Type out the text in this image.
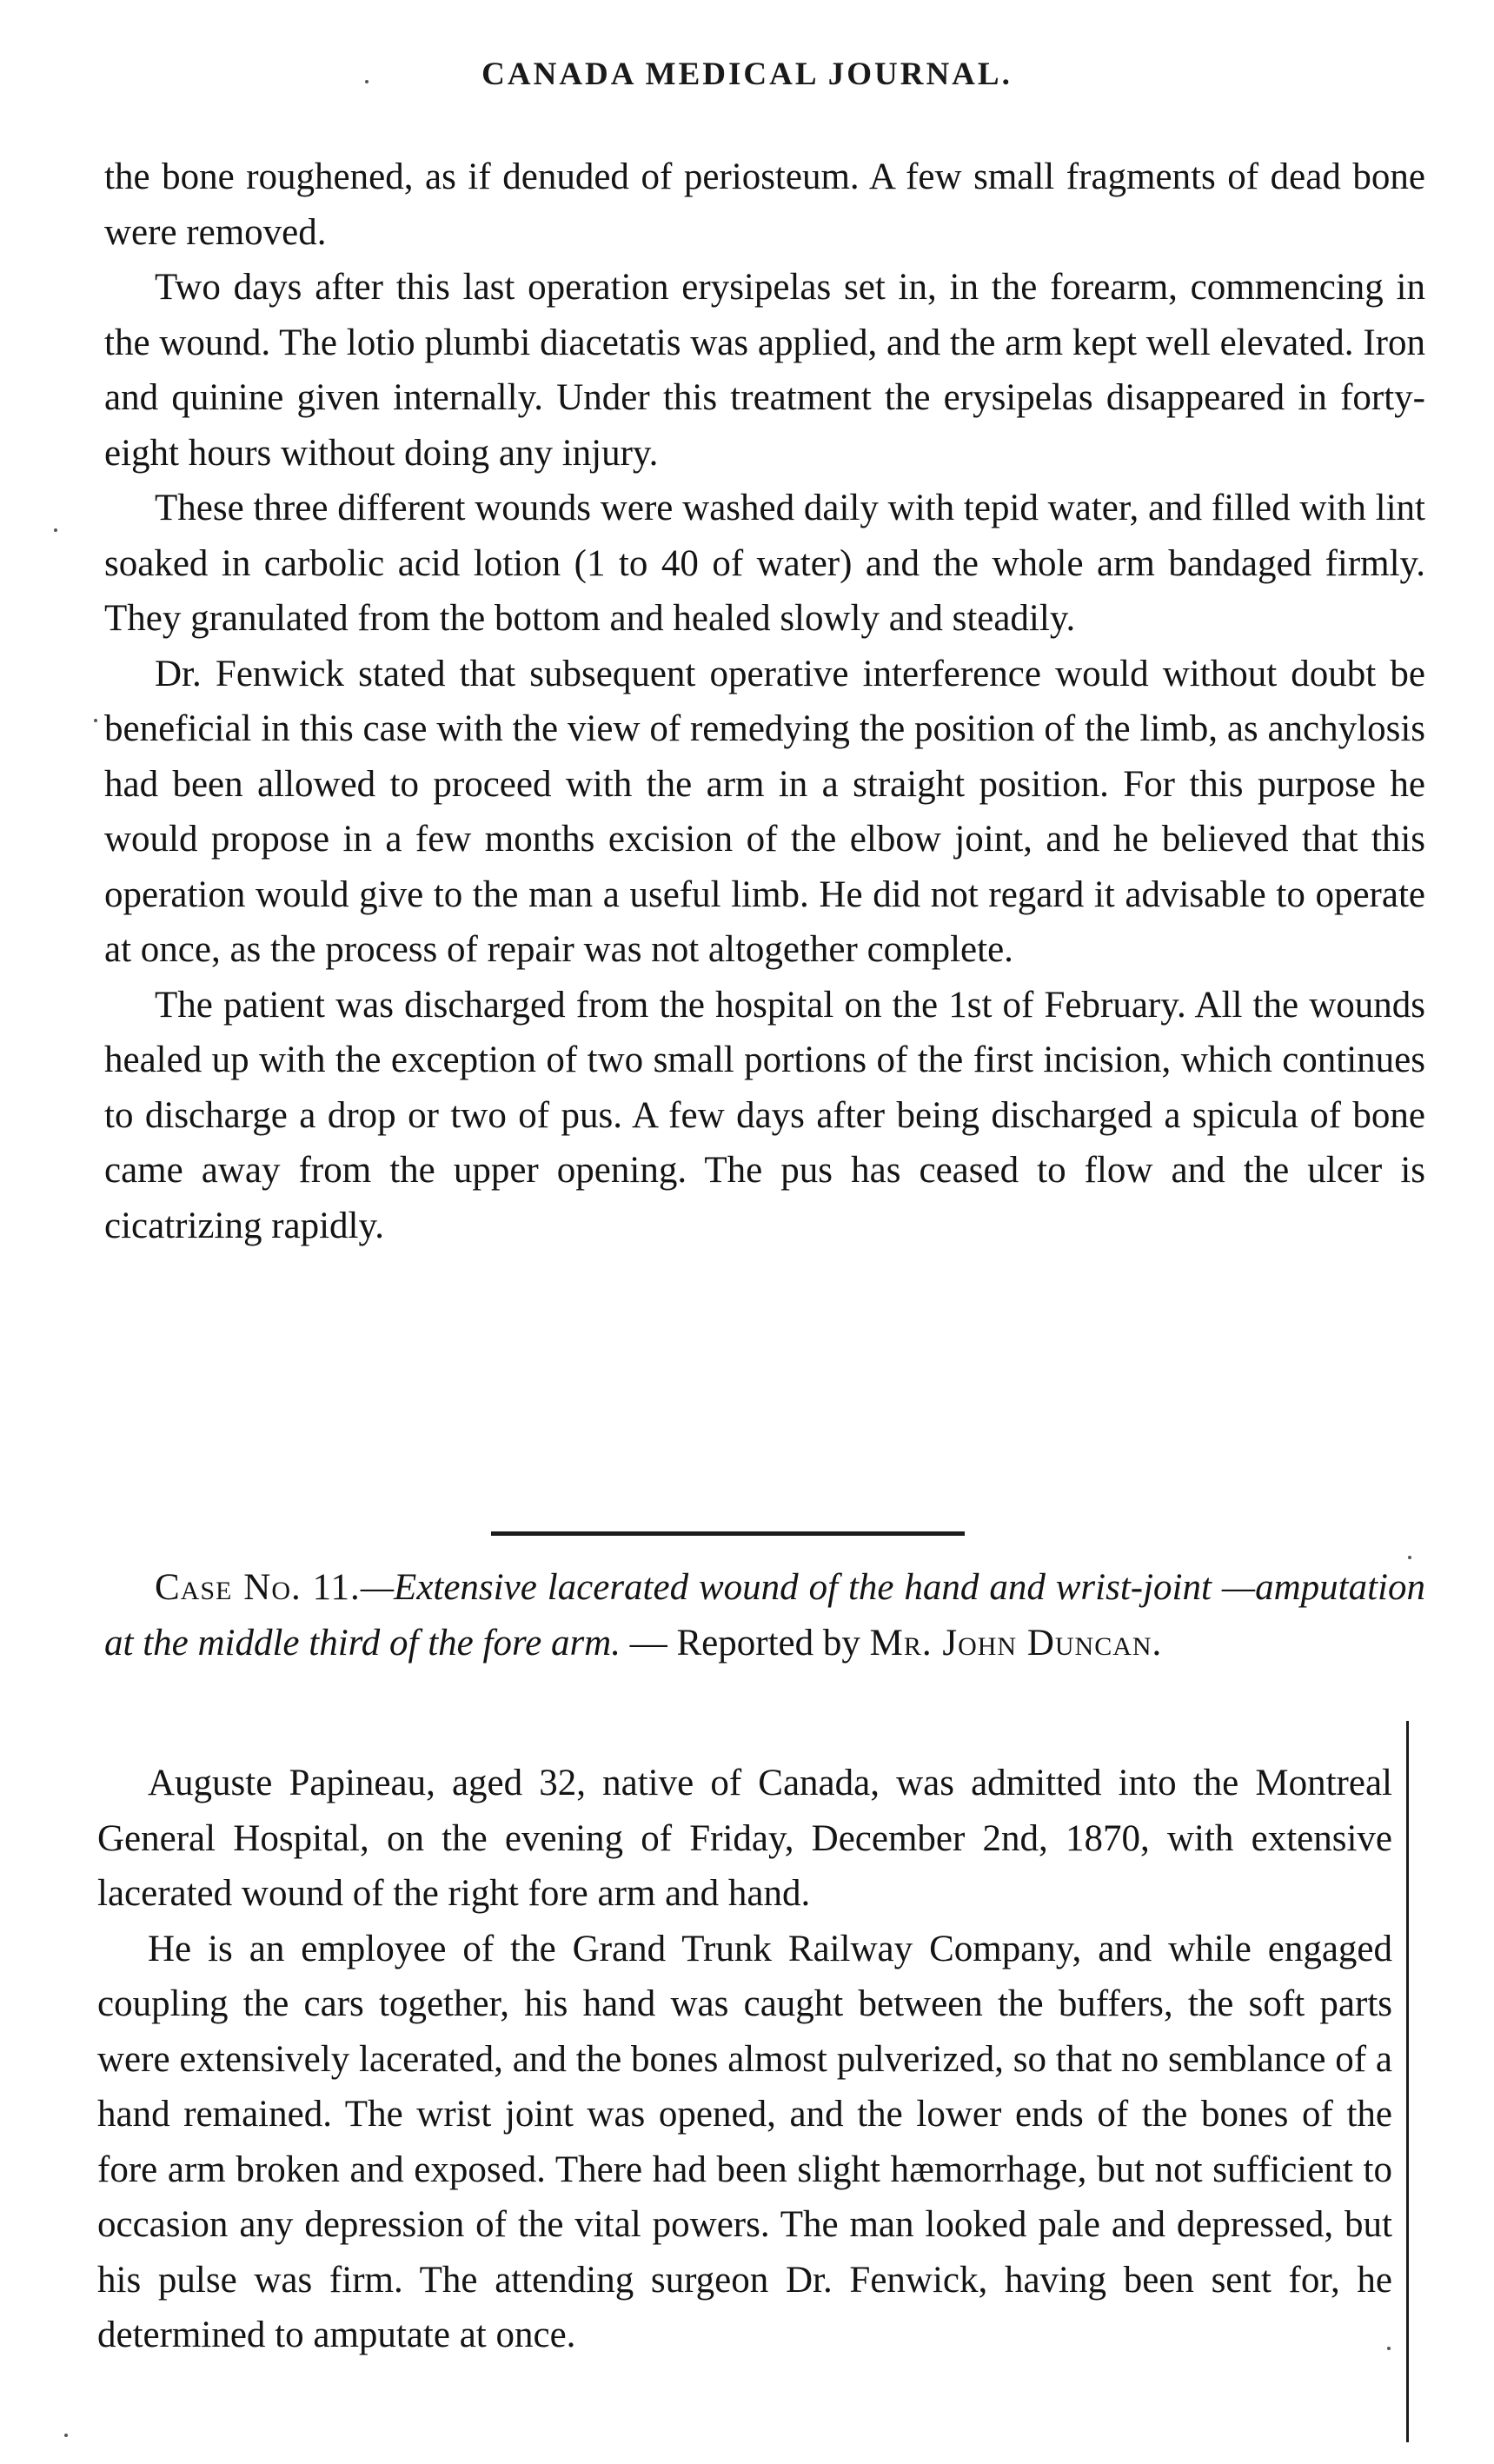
CANADA MEDICAL JOURNAL.

the bone roughened, as if denuded of periosteum. A few small fragments of dead bone were removed.

Two days after this last operation erysipelas set in, in the forearm, commencing in the wound. The lotio plumbi diacetatis was applied, and the arm kept well elevated. Iron and quinine given internally. Under this treatment the erysipelas disappeared in forty-eight hours without doing any injury.

These three different wounds were washed daily with tepid water, and filled with lint soaked in carbolic acid lotion (1 to 40 of water) and the whole arm bandaged firmly. They granulated from the bottom and healed slowly and steadily.

Dr. Fenwick stated that subsequent operative interference would without doubt be beneficial in this case with the view of remedying the position of the limb, as anchylosis had been allowed to proceed with the arm in a straight position. For this purpose he would propose in a few months excision of the elbow joint, and he believed that this operation would give to the man a useful limb. He did not regard it advisable to operate at once, as the process of repair was not altogether complete.

The patient was discharged from the hospital on the 1st of February. All the wounds healed up with the exception of two small portions of the first incision, which continues to discharge a drop or two of pus. A few days after being discharged a spicula of bone came away from the upper opening. The pus has ceased to flow and the ulcer is cicatrizing rapidly.

Case No. 11.—Extensive lacerated wound of the hand and wrist-joint —amputation at the middle third of the fore arm. — Reported by Mr. John Duncan.

Auguste Papineau, aged 32, native of Canada, was admitted into the Montreal General Hospital, on the evening of Friday, December 2nd, 1870, with extensive lacerated wound of the right fore arm and hand.

He is an employee of the Grand Trunk Railway Company, and while engaged coupling the cars together, his hand was caught between the buffers, the soft parts were extensively lacerated, and the bones almost pulverized, so that no semblance of a hand remained. The wrist joint was opened, and the lower ends of the bones of the fore arm broken and exposed. There had been slight hæmorrhage, but not sufficient to occasion any depression of the vital powers. The man looked pale and depressed, but his pulse was firm. The attending surgeon Dr. Fenwick, having been sent for, he determined to amputate at once.
